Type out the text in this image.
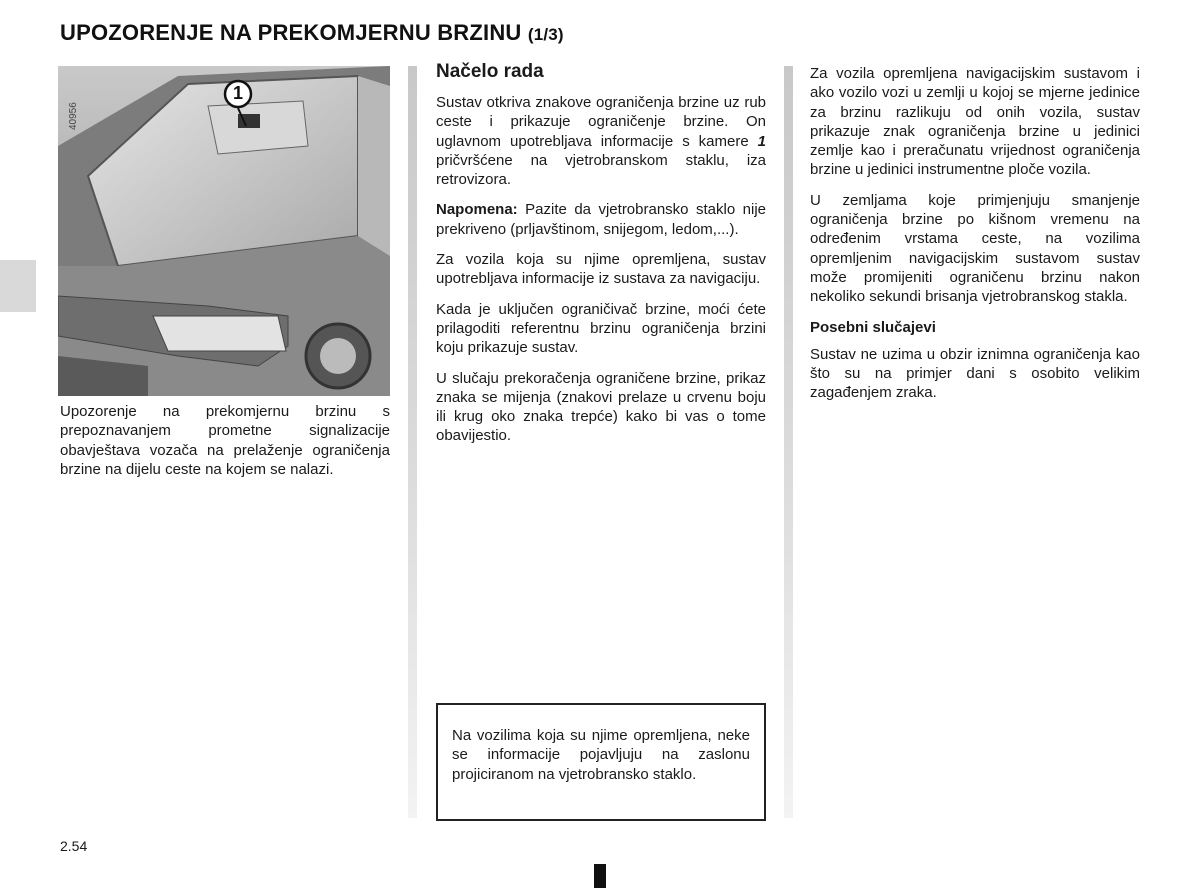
UPOZORENJE NA PREKOMJERNU BRZINU (1/3)
1
40956

Upozorenje na prekomjernu brzinu s prepoznavanjem prometne signalizacije obavještava vozača na prelaženje ograničenja brzine na dijelu ceste na kojem se nalazi.

Načelo rada

Sustav otkriva znakove ograničenja brzine uz rub ceste i prikazuje ograničenje brzine. On uglavnom upotrebljava informacije s kamere 1 pričvršćene na vjetrobranskom staklu, iza retrovizora.

Napomena: Pazite da vjetrobransko staklo nije prekriveno (prljavštinom, snijegom, ledom,...).

Za vozila koja su njime opremljena, sustav upotrebljava informacije iz sustava za navigaciju.

Kada je uključen ograničivač brzine, moći ćete prilagoditi referentnu brzinu ograničenja brzini koju prikazuje sustav.

U slučaju prekoračenja ograničene brzine, prikaz znaka se mijenja (znakovi prelaze u crvenu boju ili krug oko znaka trepće) kako bi vas o tome obavijestio.

Na vozilima koja su njime opremljena, neke se informacije pojavljuju na zaslonu projiciranom na vjetrobransko staklo.

Za vozila opremljena navigacijskim sustavom i ako vozilo vozi u zemlji u kojoj se mjerne jedinice za brzinu razlikuju od onih vozila, sustav prikazuje znak ograničenja brzine u jedinici zemlje kao i preračunatu vrijednost ograničenja brzine u jedinici instrumentne ploče vozila.

U zemljama koje primjenjuju smanjenje ograničenja brzine po kišnom vremenu na određenim vrstama ceste, na vozilima opremljenim navigacijskim sustavom sustav može promijeniti ograničenu brzinu nakon nekoliko sekundi brisanja vjetrobranskog stakla.

Posebni slučajevi

Sustav ne uzima u obzir iznimna ograničenja kao što su na primjer dani s osobito velikim zagađenjem zraka.

2.54
